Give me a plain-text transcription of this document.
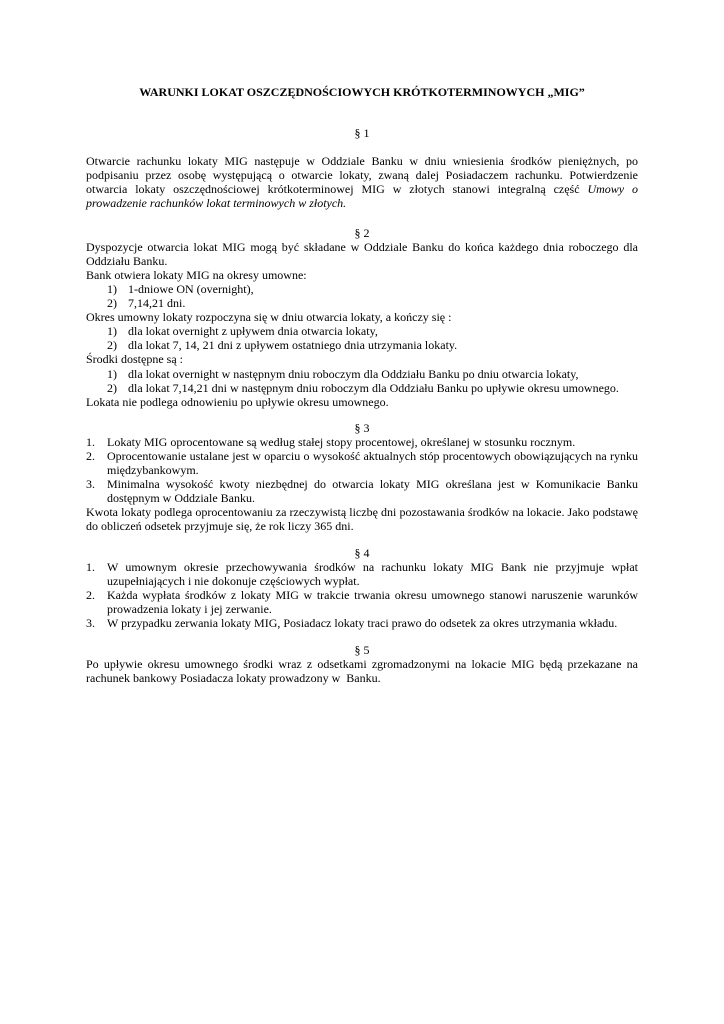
WARUNKI LOKAT OSZCZĘDNOŚCIOWYCH KRÓTKOTERMINOWYCH „MIG”
§ 1

Otwarcie rachunku lokaty MIG następuje w Oddziale Banku w dniu wniesienia środków pieniężnych, po podpisaniu przez osobę występującą o otwarcie lokaty, zwaną dalej Posiadaczem rachunku. Potwierdzenie otwarcia lokaty oszczędnościowej krótkoterminowej MIG w złotych stanowi integralną część Umowy o prowadzenie rachunków lokat terminowych w złotych.

§ 2

Dyspozycje otwarcia lokat MIG mogą być składane w Oddziale Banku do końca każdego dnia roboczego dla Oddziału Banku.

Bank otwiera lokaty MIG na okresy umowne:

1) 1-dniowe ON (overnight),
2) 7,14,21 dni.

Okres umowny lokaty rozpoczyna się w dniu otwarcia lokaty, a kończy się :

1) dla lokat overnight z upływem dnia otwarcia lokaty,
2) dla lokat 7, 14, 21 dni z upływem ostatniego dnia utrzymania lokaty.

Środki dostępne są :

1) dla lokat overnight w następnym dniu roboczym dla Oddziału Banku po dniu otwarcia lokaty,
2) dla lokat 7,14,21 dni w następnym dniu roboczym dla Oddziału Banku po upływie okresu umownego.

Lokata nie podlega odnowieniu po upływie okresu umownego.

§ 3
1.	Lokaty MIG oprocentowane są według stałej stopy procentowej, określanej w stosunku rocznym.
2.	Oprocentowanie ustalane jest w oparciu o wysokość aktualnych stóp procentowych obowiązujących na rynku międzybankowym.
3.	Minimalna wysokość kwoty niezbędnej do otwarcia lokaty MIG określana jest w Komunikacie Banku dostępnym w Oddziale Banku.

Kwota lokaty podlega oprocentowaniu za rzeczywistą liczbę dni pozostawania środków na lokacie. Jako podstawę do obliczeń odsetek przyjmuje się, że rok liczy 365 dni.

§ 4
1.	W umownym okresie przechowywania środków na rachunku lokaty MIG Bank nie przyjmuje wpłat uzupełniających i nie dokonuje częściowych wypłat.
2.	Każda wypłata środków z lokaty MIG w trakcie trwania okresu umownego stanowi naruszenie warunków prowadzenia lokaty i jej zerwanie.
3.	W przypadku zerwania lokaty MIG, Posiadacz lokaty traci prawo do odsetek za okres utrzymania wkładu.
§ 5

Po upływie okresu umownego środki wraz z odsetkami zgromadzonymi na lokacie MIG będą przekazane na rachunek bankowy Posiadacza lokaty prowadzony w  Banku.
